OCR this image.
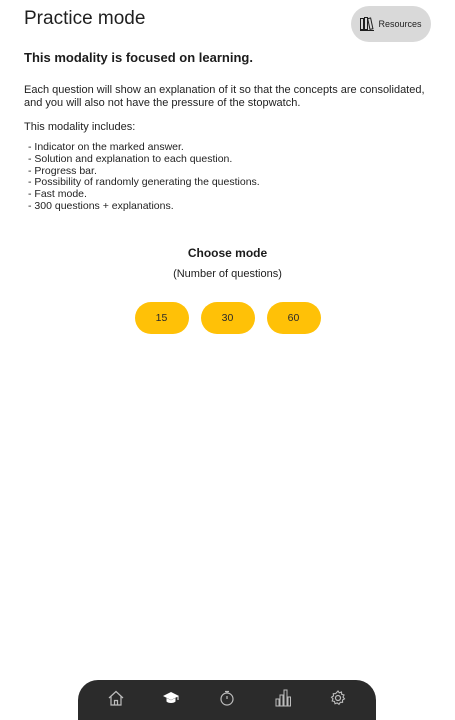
Practice mode	Resources
This modality is focused on learning.
Each question will show an explanation of it so that the concepts are consolidated, and you will also not have the pressure of the stopwatch.
This modality includes:
- Indicator on the marked answer.
- Solution and explanation to each question.
- Progress bar.
- Possibility of randomly generating the questions.
- Fast mode.
- 300 questions + explanations.
Choose mode
(Number of questions)
15	30	60
